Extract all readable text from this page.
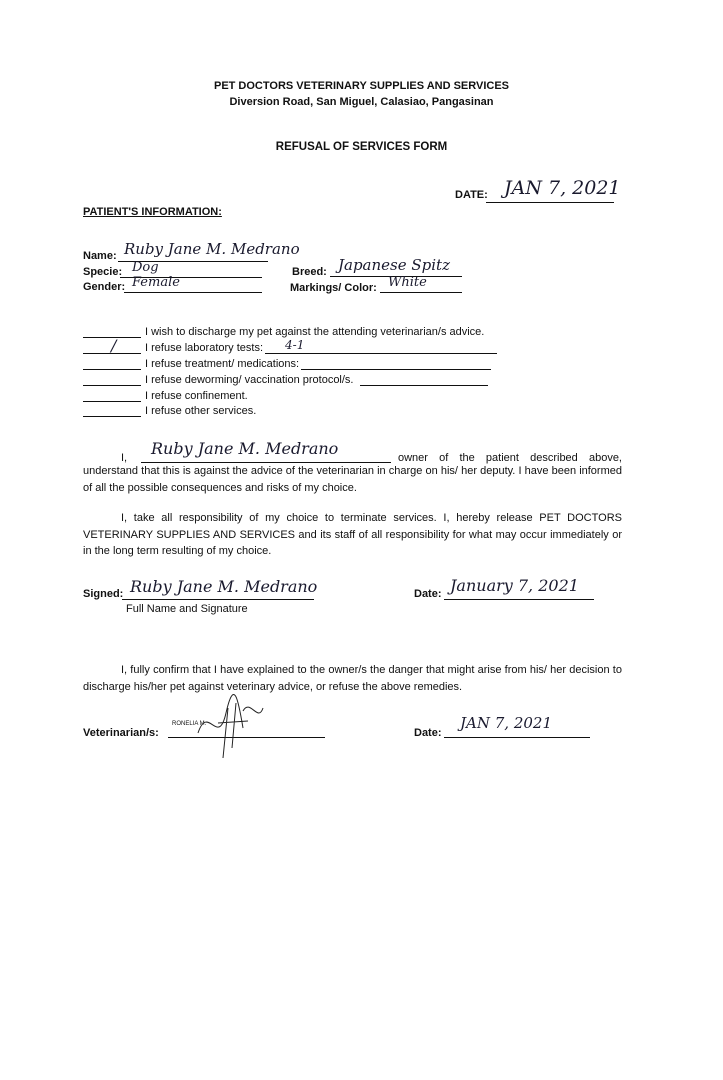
PET DOCTORS VETERINARY SUPPLIES AND SERVICES
Diversion Road, San Miguel, Calasiao, Pangasinan
REFUSAL OF SERVICES FORM
DATE: JAN 7, 2021
PATIENT'S INFORMATION:
Name: Ruby Jane M. Medrano
Specie: Dog
Gender: Female
Breed: Japanese Spitz
Markings/ Color: White
I wish to discharge my pet against the attending veterinarian/s advice.
/	I refuse laboratory tests: 4-1
I refuse treatment/ medications:
I refuse deworming/ vaccination protocol/s.
I refuse confinement.
I refuse other services.
I, Ruby Jane M. Medrano	owner of the patient described above,
understand that this is against the advice of the veterinarian in charge on his/ her deputy. I have been informed of all the possible consequences and risks of my choice.
I, take all responsibility of my choice to terminate services. I, hereby release PET DOCTORS VETERINARY SUPPLIES AND SERVICES and its staff of all responsibility for what may occur immediately or in the long term resulting of my choice.
Signed: Ruby Jane M. Medrano
Full Name and Signature
Date: January 7, 2021
I, fully confirm that I have explained to the owner/s the danger that might arise from his/ her decision to discharge his/her pet against veterinary advice, or refuse the above remedies.
Veterinarian/s:
RONELIA M.
Date:
JAN 7, 2021
